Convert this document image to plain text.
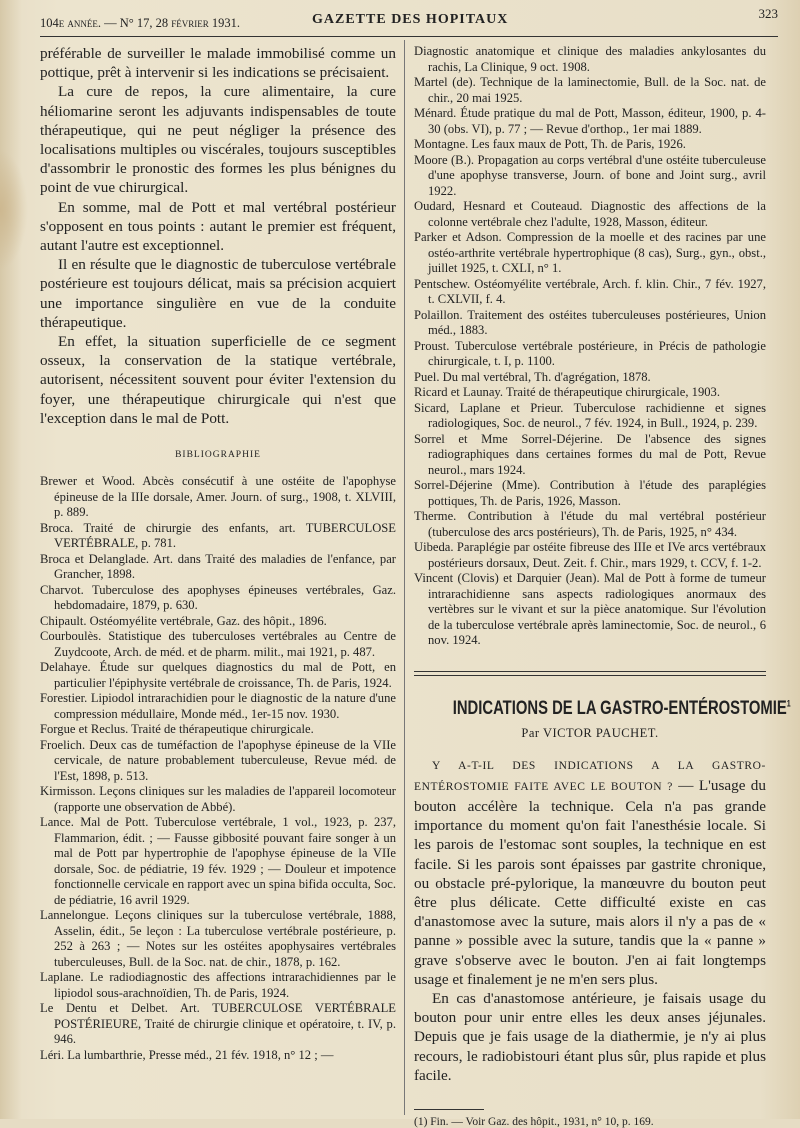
104e année. — N° 17, 28 février 1931.	GAZETTE DES HOPITAUX	323

préférable de surveiller le malade immobilisé comme un pottique, prêt à intervenir si les indications se précisaient.

La cure de repos, la cure alimentaire, la cure héliomarine seront les adjuvants indispensables de toute thérapeutique, qui ne peut négliger la présence des localisations multiples ou viscérales, toujours susceptibles d'assombrir le pronostic des formes les plus bénignes du point de vue chirurgical.

En somme, mal de Pott et mal vertébral postérieur s'opposent en tous points : autant le premier est fréquent, autant l'autre est exceptionnel.

Il en résulte que le diagnostic de tuberculose vertébrale postérieure est toujours délicat, mais sa précision acquiert une importance singulière en vue de la conduite thérapeutique.

En effet, la situation superficielle de ce segment osseux, la conservation de la statique vertébrale, autorisent, nécessitent souvent pour éviter l'extension du foyer, une thérapeutique chirurgicale qui n'est que l'exception dans le mal de Pott.

BIBLIOGRAPHIE

Brewer et Wood. Abcès consécutif à une ostéite de l'apophyse épineuse de la IIIe dorsale, Amer. Journ. of surg., 1908, t. XLVIII, p. 889.

Broca. Traité de chirurgie des enfants, art. TUBERCULOSE VERTÉBRALE, p. 781.

Broca et Delanglade. Art. dans Traité des maladies de l'enfance, par Grancher, 1898.

Charvot. Tuberculose des apophyses épineuses vertébrales, Gaz. hebdomadaire, 1879, p. 630.

Chipault. Ostéomyélite vertébrale, Gaz. des hôpit., 1896.

Courboulès. Statistique des tuberculoses vertébrales au Centre de Zuydcoote, Arch. de méd. et de pharm. milit., mai 1921, p. 487.

Delahaye. Étude sur quelques diagnostics du mal de Pott, en particulier l'épiphysite vertébrale de croissance, Th. de Paris, 1924.

Forestier. Lipiodol intrarachidien pour le diagnostic de la nature d'une compression médullaire, Monde méd., 1er-15 nov. 1930.

Forgue et Reclus. Traité de thérapeutique chirurgicale.

Froelich. Deux cas de tuméfaction de l'apophyse épineuse de la VIIe cervicale, de nature probablement tuberculeuse, Revue méd. de l'Est, 1898, p. 513.

Kirmisson. Leçons cliniques sur les maladies de l'appareil locomoteur (rapporte une observation de Abbé).

Lance. Mal de Pott. Tuberculose vertébrale, 1 vol., 1923, p. 237, Flammarion, édit. ; — Fausse gibbosité pouvant faire songer à un mal de Pott par hypertrophie de l'apophyse épineuse de la VIIe dorsale, Soc. de pédiatrie, 19 fév. 1929 ; — Douleur et impotence fonctionnelle cervicale en rapport avec un spina bifida occulta, Soc. de pédiatrie, 16 avril 1929.

Lannelongue. Leçons cliniques sur la tuberculose vertébrale, 1888, Asselin, édit., 5e leçon : La tuberculose vertébrale postérieure, p. 252 à 263 ; — Notes sur les ostéites apophysaires vertébrales tuberculeuses, Bull. de la Soc. nat. de chir., 1878, p. 162.

Laplane. Le radiodiagnostic des affections intrarachidiennes par le lipiodol sous-arachnoïdien, Th. de Paris, 1924.

Le Dentu et Delbet. Art. TUBERCULOSE VERTÉBRALE POSTÉRIEURE, Traité de chirurgie clinique et opératoire, t. IV, p. 946.

Léri. La lumbarthrie, Presse méd., 21 fév. 1918, n° 12 ; —

Diagnostic anatomique et clinique des maladies ankylosantes du rachis, La Clinique, 9 oct. 1908.

Martel (de). Technique de la laminectomie, Bull. de la Soc. nat. de chir., 20 mai 1925.

Ménard. Étude pratique du mal de Pott, Masson, éditeur, 1900, p. 4-30 (obs. VI), p. 77 ; — Revue d'orthop., 1er mai 1889.

Montagne. Les faux maux de Pott, Th. de Paris, 1926.

Moore (B.). Propagation au corps vertébral d'une ostéite tuberculeuse d'une apophyse transverse, Journ. of bone and Joint surg., avril 1922.

Oudard, Hesnard et Couteaud. Diagnostic des affections de la colonne vertébrale chez l'adulte, 1928, Masson, éditeur.

Parker et Adson. Compression de la moelle et des racines par une ostéo-arthrite vertébrale hypertrophique (8 cas), Surg., gyn., obst., juillet 1925, t. CXLI, n° 1.

Pentschew. Ostéomyélite vertébrale, Arch. f. klin. Chir., 7 fév. 1927, t. CXLVII, f. 4.

Polaillon. Traitement des ostéites tuberculeuses postérieures, Union méd., 1883.

Proust. Tuberculose vertébrale postérieure, in Précis de pathologie chirurgicale, t. I, p. 1100.

Puel. Du mal vertébral, Th. d'agrégation, 1878.

Ricard et Launay. Traité de thérapeutique chirurgicale, 1903.

Sicard, Laplane et Prieur. Tuberculose rachidienne et signes radiologiques, Soc. de neurol., 7 fév. 1924, in Bull., 1924, p. 239.

Sorrel et Mme Sorrel-Déjerine. De l'absence des signes radiographiques dans certaines formes du mal de Pott, Revue neurol., mars 1924.

Sorrel-Déjerine (Mme). Contribution à l'étude des paraplégies pottiques, Th. de Paris, 1926, Masson.

Therme. Contribution à l'étude du mal vertébral postérieur (tuberculose des arcs postérieurs), Th. de Paris, 1925, n° 434.

Uibeda. Paraplégie par ostéite fibreuse des IIIe et IVe arcs vertébraux postérieurs dorsaux, Deut. Zeit. f. Chir., mars 1929, t. CCV, f. 1-2.

Vincent (Clovis) et Darquier (Jean). Mal de Pott à forme de tumeur intrarachidienne sans aspects radiologiques anormaux des vertèbres sur le vivant et sur la pièce anatomique. Sur l'évolution de la tuberculose vertébrale après laminectomie, Soc. de neurol., 6 nov. 1924.

INDICATIONS DE LA GASTRO-ENTÉROSTOMIE$^1$
Par VICTOR PAUCHET.

Y A-T-IL DES INDICATIONS A LA GASTRO-ENTÉROSTOMIE FAITE AVEC LE BOUTON ? — L'usage du bouton accélère la technique. Cela n'a pas grande importance du moment qu'on fait l'anesthésie locale. Si les parois de l'estomac sont souples, la technique en est facile. Si les parois sont épaisses par gastrite chronique, ou obstacle pré-pylorique, la manœuvre du bouton peut être plus délicate. Cette difficulté existe en cas d'anastomose avec la suture, mais alors il n'y a pas de « panne » possible avec la suture, tandis que la « panne » grave s'observe avec le bouton. J'en ai fait longtemps usage et finalement je ne m'en sers plus.

En cas d'anastomose antérieure, je faisais usage du bouton pour unir entre elles les deux anses jéjunales. Depuis que je fais usage de la diathermie, je n'y ai plus recours, le radiobistouri étant plus sûr, plus rapide et plus facile.

(1) Fin. — Voir Gaz. des hôpit., 1931, n° 10, p. 169.
